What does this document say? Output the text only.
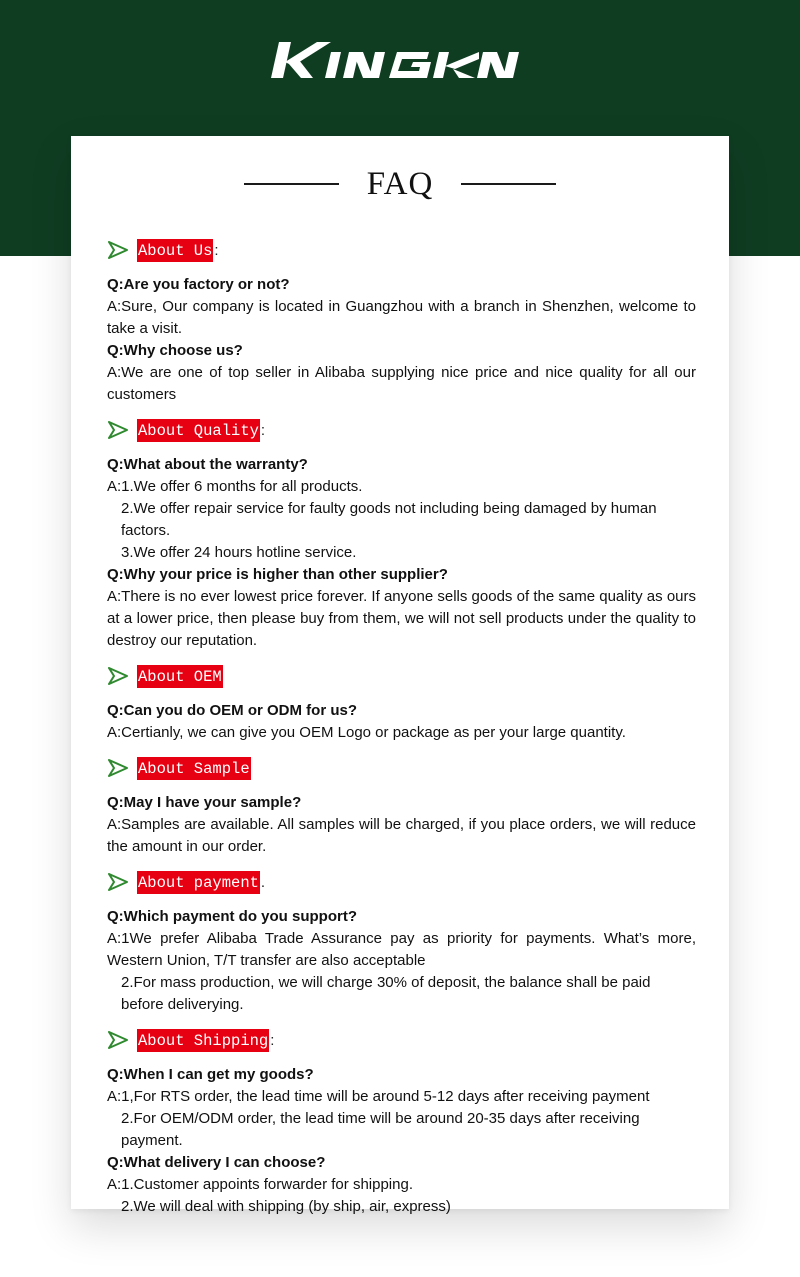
FAQ
About Us :
Q:Are you factory or not?
A:Sure, Our company is located in Guangzhou with a branch in Shenzhen, welcome to take a visit.
Q:Why choose us?
A:We are one of top seller in Alibaba supplying nice price and nice quality for all our customers
About Quality :
Q:What about the warranty?
A:1.We offer 6 months for all products.
2.We offer repair service for faulty goods not including being damaged by human factors.
3.We offer 24 hours hotline service.
Q:Why your price is higher than other supplier?
A:There is no ever lowest price forever. If anyone sells goods of the same quality as ours at a lower price, then please buy from them, we will not sell products under the quality to destroy our reputation.
About OEM
Q:Can you do OEM or ODM for us?
A:Certianly, we can give you OEM Logo or package as per your large quantity.
About Sample
Q:May I have your sample?
A:Samples are available. All samples will be charged, if you place orders, we will reduce the amount in our order.
About payment .
Q:Which payment do you support?
A:1We prefer Alibaba Trade Assurance pay as priority for payments. What’s more, Western Union, T/T transfer are also acceptable
2.For mass production, we will charge 30% of deposit, the balance shall be paid before deliverying.
About Shipping :
Q:When I can get my goods?
A:1,For RTS order, the lead time will be around 5-12 days after receiving payment
2.For OEM/ODM order, the lead time will be around 20-35 days after receiving payment.
Q:What delivery I can choose?
A:1.Customer appoints forwarder for shipping.
2.We will deal with shipping (by ship, air, express)
